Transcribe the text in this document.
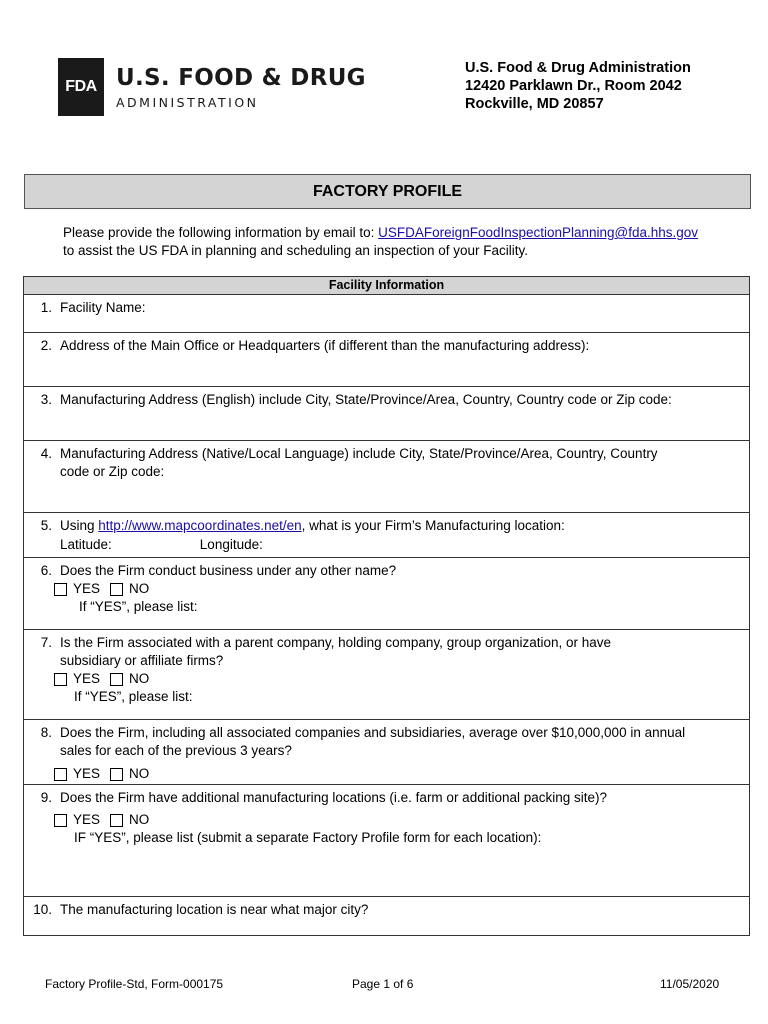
FDA U.S. FOOD & DRUG
ADMINISTRATION
U.S. Food & Drug Administration
12420 Parklawn Dr., Room 2042
Rockville, MD 20857
FACTORY PROFILE
Please provide the following information by email to: USFDAForeignFoodInspectionPlanning@fda.hhs.gov
to assist the US FDA in planning and scheduling an inspection of your Facility.
Facility Information
1. Facility Name:
2. Address of the Main Office or Headquarters (if different than the manufacturing address):
3. Manufacturing Address (English) include City, State/Province/Area, Country, Country code or Zip code:
4. Manufacturing Address (Native/Local Language) include City, State/Province/Area, Country, Country
code or Zip code:
5. Using http://www.mapcoordinates.net/en, what is your Firm’s Manufacturing location:
Latitude:	Longitude:
6. Does the Firm conduct business under any other name?
YES NO
If “YES”, please list:
7. Is the Firm associated with a parent company, holding company, group organization, or have
subsidiary or affiliate firms?
YES NO
If “YES”, please list:
8. Does the Firm, including all associated companies and subsidiaries, average over $10,000,000 in annual
sales for each of the previous 3 years?
YES NO
9. Does the Firm have additional manufacturing locations (i.e. farm or additional packing site)?
YES NO
IF “YES”, please list (submit a separate Factory Profile form for each location):
10. The manufacturing location is near what major city?
Factory Profile-Std, Form-000175	Page 1 of 6	11/05/2020
